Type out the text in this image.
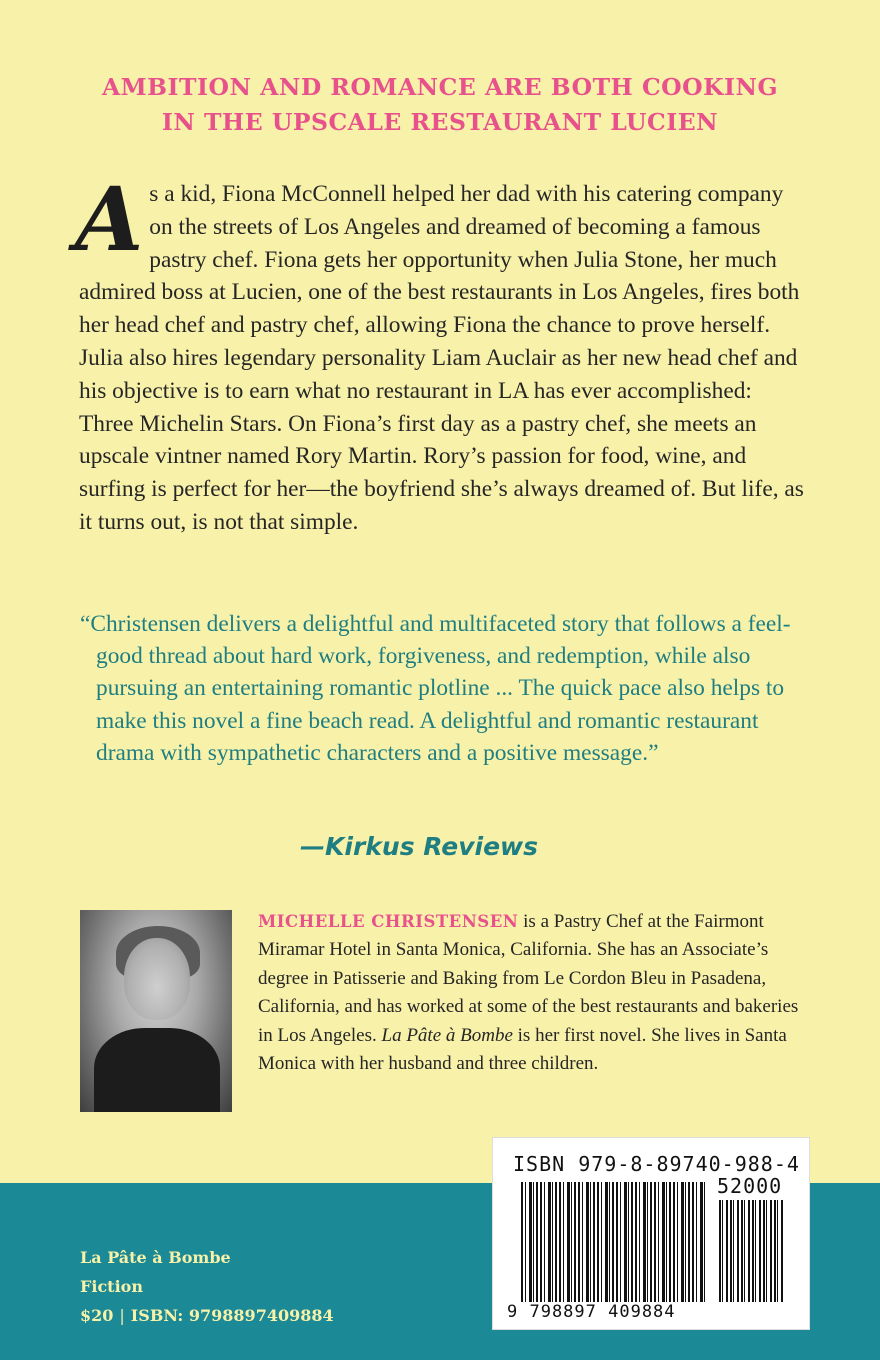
AMBITION AND ROMANCE ARE BOTH COOKING
IN THE UPSCALE RESTAURANT LUCIEN
A s a kid, Fiona McConnell helped her dad with his catering company on the streets of Los Angeles and dreamed of becoming a famous pastry chef. Fiona gets her opportunity when Julia Stone, her much admired boss at Lucien, one of the best restaurants in Los Angeles, fires both her head chef and pastry chef, allowing Fiona the chance to prove herself. Julia also hires legendary personality Liam Auclair as her new head chef and his objective is to earn what no restaurant in LA has ever accomplished: Three Michelin Stars. On Fiona’s first day as a pastry chef, she meets an upscale vintner named Rory Martin. Rory’s passion for food, wine, and surfing is perfect for her—the boyfriend she’s always dreamed of. But life, as it turns out, is not that simple.

“Christensen delivers a delightful and multifaceted story that follows a feel-good thread about hard work, forgiveness, and redemption, while also pursuing an entertaining romantic plotline ... The quick pace also helps to make this novel a fine beach read. A delightful and romantic restaurant drama with sympathetic characters and a positive message.”

—Kirkus Reviews
MICHELLE CHRISTENSEN is a Pastry Chef at the Fairmont Miramar Hotel in Santa Monica, California. She has an Associate’s degree in Patisserie and Baking from Le Cordon Bleu in Pasadena, California, and has worked at some of the best restaurants and bakeries in Los Angeles. La Pâte à Bombe is her first novel. She lives in Santa Monica with her husband and three children.
La Pâte à Bombe
Fiction
$20 | ISBN: 9798897409884
ISBN 979-8-89740-988-4
52000
9 798897 409884
